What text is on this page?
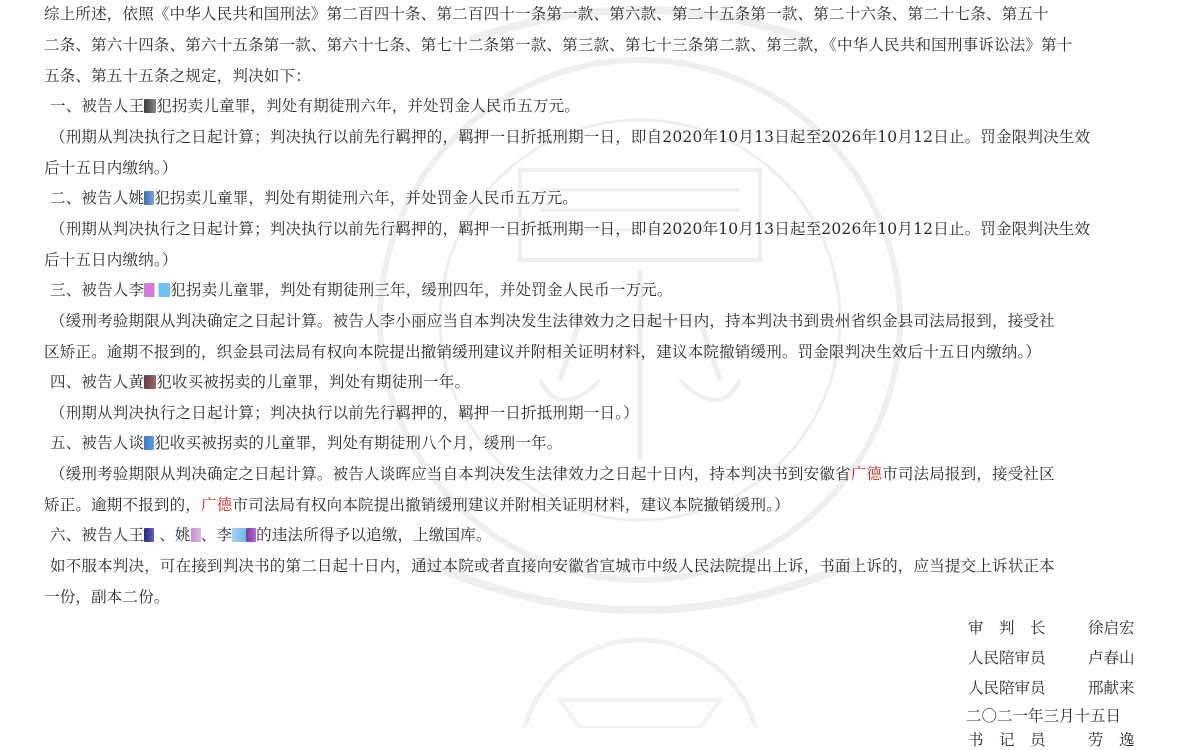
综上所述，依照《中华人民共和国刑法》第二百四十条、第二百四十一条第一款、第六款、第二十五条第一款、第二十六条、第二十七条、第五十
二条、第六十四条、第六十五条第一款、第六十七条、第七十二条第一款、第三款、第七十三条第二款、第三款，《中华人民共和国刑事诉讼法》第十
五条、第五十五条之规定，判决如下：
一、被告人王 犯拐卖儿童罪，判处有期徒刑六年，并处罚金人民币五万元。
（刑期从判决执行之日起计算；判决执行以前先行羁押的，羁押一日折抵刑期一日，即自2020年10月13日起至2026年10月12日止。罚金限判决生效
后十五日内缴纳。）
二、被告人姚 犯拐卖儿童罪，判处有期徒刑六年，并处罚金人民币五万元。
（刑期从判决执行之日起计算；判决执行以前先行羁押的，羁押一日折抵刑期一日，即自2020年10月13日起至2026年10月12日止。罚金限判决生效
后十五日内缴纳。）
三、被告人李 犯拐卖儿童罪，判处有期徒刑三年，缓刑四年，并处罚金人民币一万元。
（缓刑考验期限从判决确定之日起计算。被告人李小丽应当自本判决发生法律效力之日起十日内，持本判决书到贵州省织金县司法局报到，接受社
区矫正。逾期不报到的，织金县司法局有权向本院提出撤销缓刑建议并附相关证明材料，建议本院撤销缓刑。罚金限判决生效后十五日内缴纳。）
四、被告人黄 犯收买被拐卖的儿童罪，判处有期徒刑一年。
（刑期从判决执行之日起计算；判决执行以前先行羁押的，羁押一日折抵刑期一日。）
五、被告人谈 犯收买被拐卖的儿童罪，判处有期徒刑八个月，缓刑一年。
（缓刑考验期限从判决确定之日起计算。被告人谈晖应当自本判决发生法律效力之日起十日内，持本判决书到安徽省广德市司法局报到，接受社区
矫正。逾期不报到的，广德市司法局有权向本院提出撤销缓刑建议并附相关证明材料，建议本院撤销缓刑。）
六、被告人王 、姚 、李 的违法所得予以追缴，上缴国库。
如不服本判决，可在接到判决书的第二日起十日内，通过本院或者直接向安徽省宣城市中级人民法院提出上诉，书面上诉的，应当提交上诉状正本
一份，副本二份。
审　判　长	徐启宏
人民陪审员	卢春山
人民陪审员	邢献来
二〇二一年三月十五日
书　记　员	劳　逸
